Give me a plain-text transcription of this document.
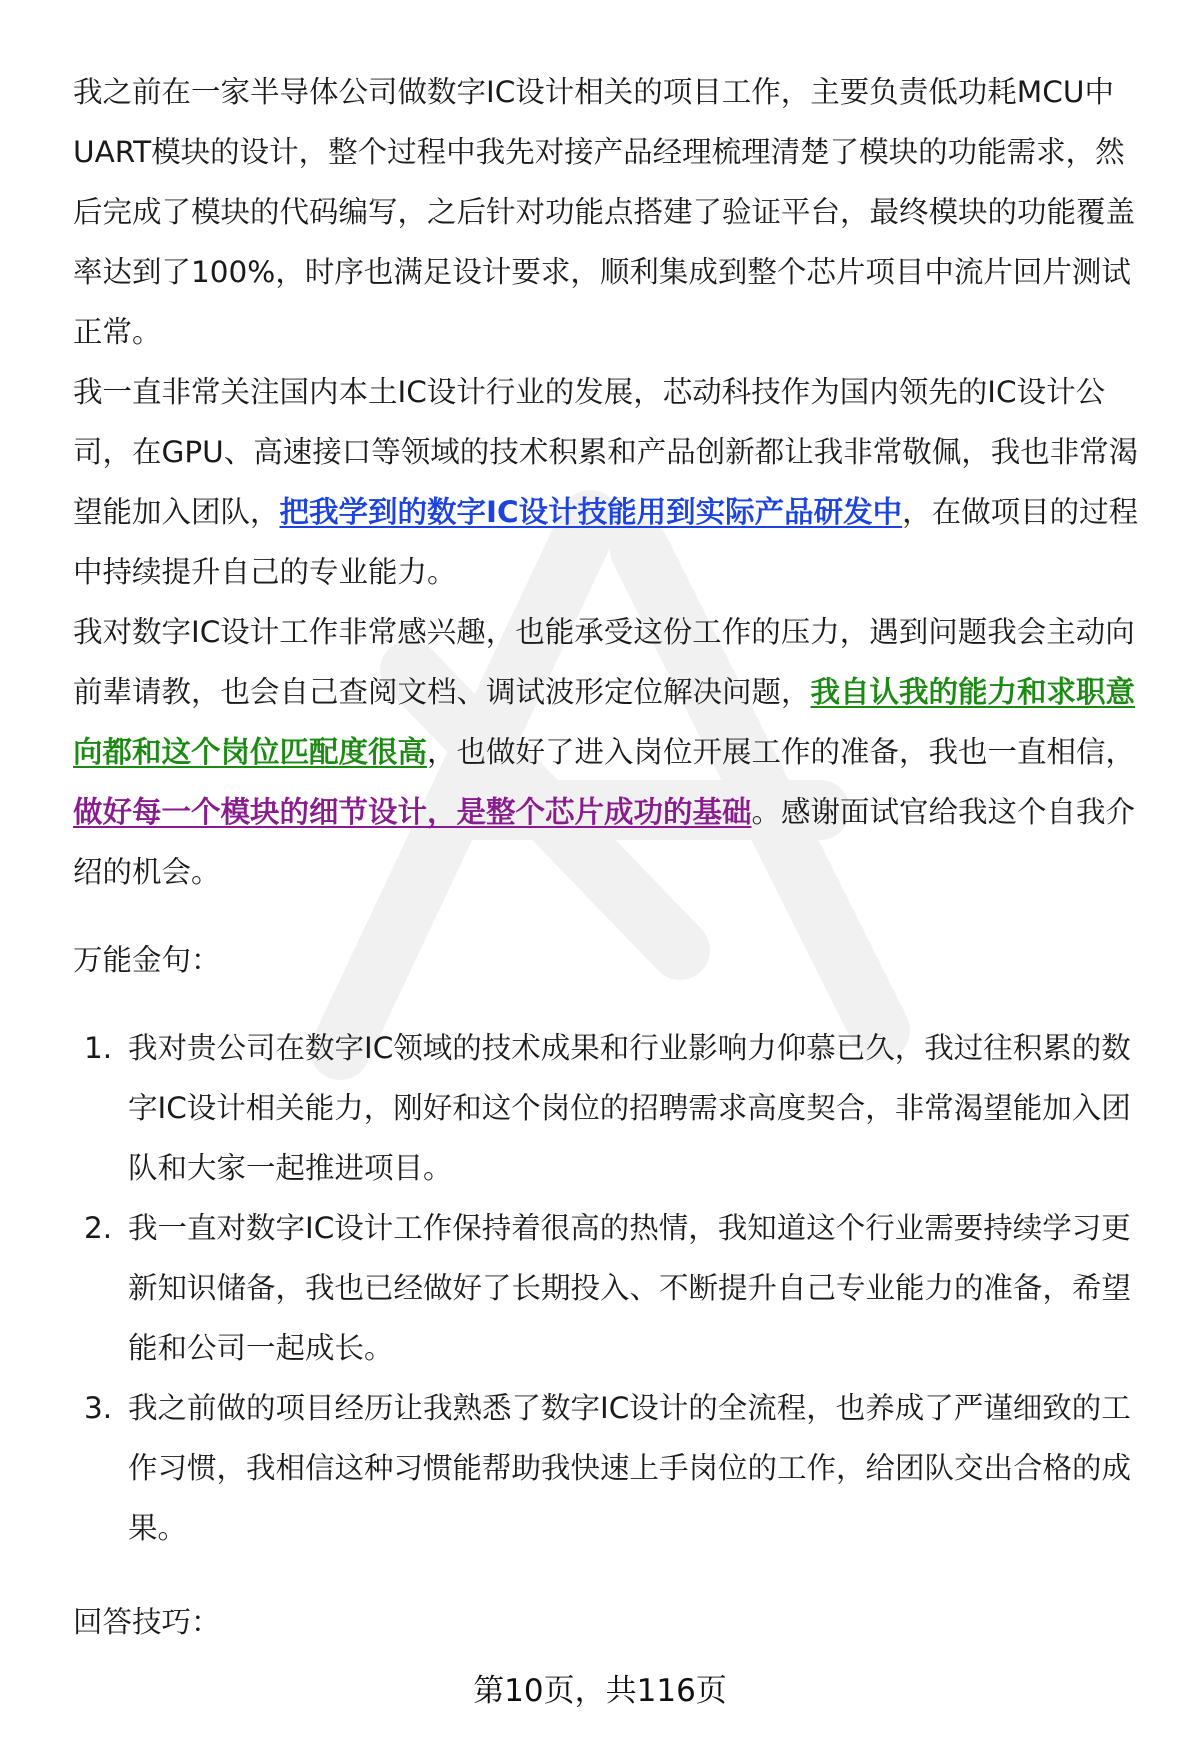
我之前在一家半导体公司做数字IC设计相关的项目工作，主要负责低功耗MCU中UART模块的设计，整个过程中我先对接产品经理梳理清楚了模块的功能需求，然后完成了模块的代码编写，之后针对功能点搭建了验证平台，最终模块的功能覆盖率达到了100%，时序也满足设计要求，顺利集成到整个芯片项目中流片回片测试正常。

我一直非常关注国内本土IC设计行业的发展，芯动科技作为国内领先的IC设计公司，在GPU、高速接口等领域的技术积累和产品创新都让我非常敬佩，我也非常渴望能加入团队，把我学到的数字IC设计技能用到实际产品研发中，在做项目的过程中持续提升自己的专业能力。

我对数字IC设计工作非常感兴趣，也能承受这份工作的压力，遇到问题我会主动向前辈请教，也会自己查阅文档、调试波形定位解决问题，我自认我的能力和求职意向都和这个岗位匹配度很高，也做好了进入岗位开展工作的准备，我也一直相信，做好每一个模块的细节设计，是整个芯片成功的基础。感谢面试官给我这个自我介绍的机会。

万能金句：

1. 我对贵公司在数字IC领域的技术成果和行业影响力仰慕已久，我过往积累的数字IC设计相关能力，刚好和这个岗位的招聘需求高度契合，非常渴望能加入团队和大家一起推进项目。
2. 我一直对数字IC设计工作保持着很高的热情，我知道这个行业需要持续学习更新知识储备，我也已经做好了长期投入、不断提升自己专业能力的准备，希望能和公司一起成长。
3. 我之前做的项目经历让我熟悉了数字IC设计的全流程，也养成了严谨细致的工作习惯，我相信这种习惯能帮助我快速上手岗位的工作，给团队交出合格的成果。

回答技巧：

第10页，共116页
